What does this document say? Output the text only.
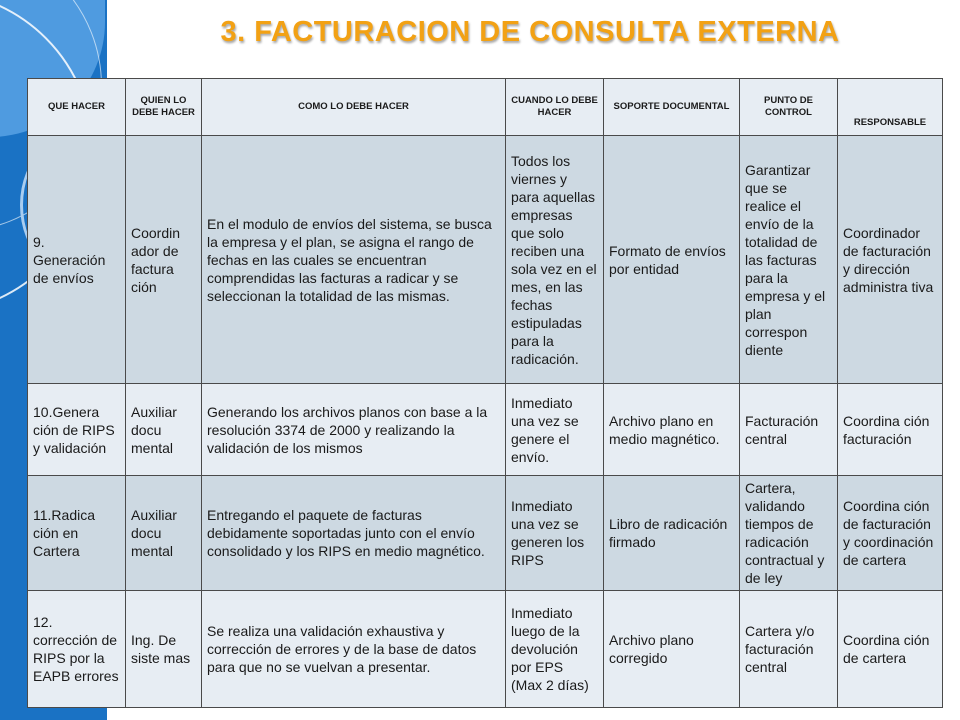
3. FACTURACION DE CONSULTA EXTERNA
QUE HACER	QUIEN LO DEBE HACER	COMO LO DEBE HACER	CUANDO LO DEBE HACER	SOPORTE DOCUMENTAL	PUNTO DE CONTROL	RESPONSABLE
9. Generación de envíos	Coordin ador de factura ción	En el modulo de envíos del sistema, se busca la empresa y el plan, se asigna el rango de fechas en las cuales se encuentran comprendidas las facturas a radicar y se seleccionan la totalidad de las mismas.	Todos los viernes y para aquellas empresas que solo reciben una sola vez en el mes, en las fechas estipuladas para la radicación.	Formato de envíos por entidad	Garantizar que se realice el envío de la totalidad de las facturas para la empresa y el plan correspon diente	Coordinador de facturación y dirección administra tiva
10.Genera ción de RIPS y validación	Auxiliar docu mental	Generando los archivos planos con base a la resolución 3374 de 2000 y realizando la validación de los mismos	Inmediato una vez se genere el envío.	Archivo plano en medio magnético.	Facturación central	Coordina ción facturación
11.Radica ción en Cartera	Auxiliar docu mental	Entregando el paquete de facturas debidamente soportadas junto con el envío consolidado y los RIPS en medio magnético.	Inmediato una vez se generen los RIPS	Libro de radicación firmado	Cartera, validando tiempos de radicación contractual y de ley	Coordina ción de facturación y coordinación de cartera
12. corrección de RIPS por la EAPB errores	Ing. De siste mas	Se realiza una validación exhaustiva y corrección de errores y de la base de datos para que no se vuelvan a presentar.	Inmediato luego de la devolución por EPS (Max 2 días)	Archivo plano corregido	Cartera y/o facturación central	Coordina ción de cartera
